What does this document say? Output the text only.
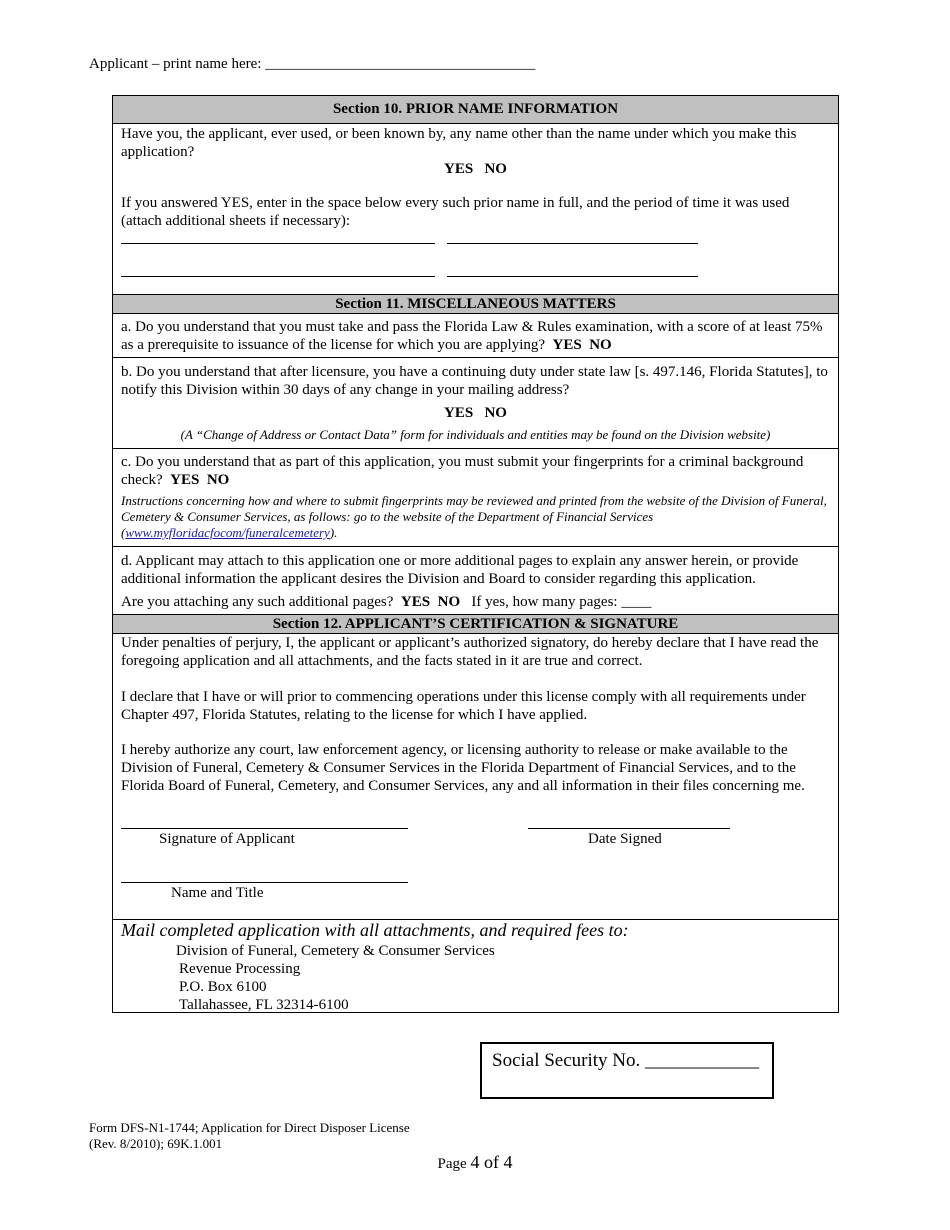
Applicant – print name here: ____________________________________
Section 10. PRIOR NAME INFORMATION
Have you, the applicant, ever used, or been known by, any name other than the name under which you make this application?
YES NO
If you answered YES, enter in the space below every such prior name in full, and the period of time it was used (attach additional sheets if necessary):
Section 11. MISCELLANEOUS MATTERS
a. Do you understand that you must take and pass the Florida Law & Rules examination, with a score of at least 75% as a prerequisite to issuance of the license for which you are applying? YES NO
b. Do you understand that after licensure, you have a continuing duty under state law [s. 497.146, Florida Statutes], to notify this Division within 30 days of any change in your mailing address?
YES NO
(A “Change of Address or Contact Data” form for individuals and entities may be found on the Division website)
c. Do you understand that as part of this application, you must submit your fingerprints for a criminal background check? YES NO
Instructions concerning how and where to submit fingerprints may be reviewed and printed from the website of the Division of Funeral, Cemetery & Consumer Services, as follows: go to the website of the Department of Financial Services
(www.myfloridacfocom/funeralcemetery).
d. Applicant may attach to this application one or more additional pages to explain any answer herein, or provide additional information the applicant desires the Division and Board to consider regarding this application.
Are you attaching any such additional pages? YES NO If yes, how many pages: ____
Section 12. APPLICANT’S CERTIFICATION & SIGNATURE
Under penalties of perjury, I, the applicant or applicant’s authorized signatory, do hereby declare that I have read the foregoing application and all attachments, and the facts stated in it are true and correct.
I declare that I have or will prior to commencing operations under this license comply with all requirements under Chapter 497, Florida Statutes, relating to the license for which I have applied.
I hereby authorize any court, law enforcement agency, or licensing authority to release or make available to the Division of Funeral, Cemetery & Consumer Services in the Florida Department of Financial Services, and to the Florida Board of Funeral, Cemetery, and Consumer Services, any and all information in their files concerning me.
Signature of Applicant	Date Signed
Name and Title
Mail completed application with all attachments, and required fees to:
Division of Funeral, Cemetery & Consumer Services
Revenue Processing
P.O. Box 6100
Tallahassee, FL 32314-6100
Social Security No. ____________
Form DFS-N1-1744; Application for Direct Disposer License
(Rev. 8/2010); 69K.1.001
Page 4 of 4
